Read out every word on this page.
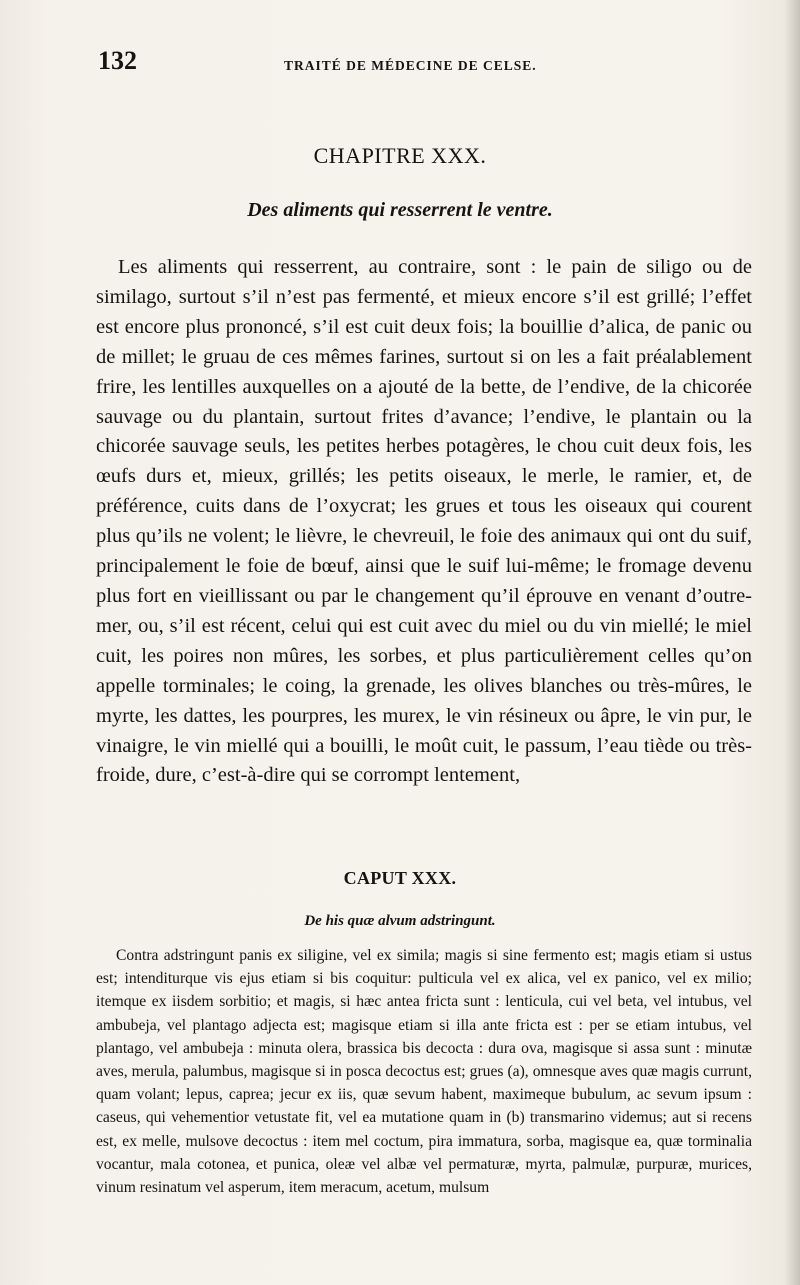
132	TRAITÉ DE MÉDECINE DE CELSE.
CHAPITRE XXX.
Des aliments qui resserrent le ventre.

Les aliments qui resserrent, au contraire, sont : le pain de siligo ou de similago, surtout s’il n’est pas fermenté, et mieux encore s’il est grillé; l’effet est encore plus prononcé, s’il est cuit deux fois; la bouillie d’alica, de panic ou de millet; le gruau de ces mêmes farines, surtout si on les a fait préalablement frire, les lentilles auxquelles on a ajouté de la bette, de l’endive, de la chicorée sauvage ou du plantain, surtout frites d’avance; l’endive, le plantain ou la chicorée sauvage seuls, les petites herbes potagères, le chou cuit deux fois, les œufs durs et, mieux, grillés; les petits oiseaux, le merle, le ramier, et, de préférence, cuits dans de l’oxycrat; les grues et tous les oiseaux qui courent plus qu’ils ne volent; le lièvre, le chevreuil, le foie des animaux qui ont du suif, principalement le foie de bœuf, ainsi que le suif lui-même; le fromage devenu plus fort en vieillissant ou par le changement qu’il éprouve en venant d’outre-mer, ou, s’il est récent, celui qui est cuit avec du miel ou du vin miellé; le miel cuit, les poires non mûres, les sorbes, et plus particulièrement celles qu’on appelle torminales; le coing, la grenade, les olives blanches ou très-mûres, le myrte, les dattes, les pourpres, les murex, le vin résineux ou âpre, le vin pur, le vinaigre, le vin miellé qui a bouilli, le moût cuit, le passum, l’eau tiède ou très-froide, dure, c’est-à-dire qui se corrompt lentement,

CAPUT XXX.
De his quæ alvum adstringunt.

Contra adstringunt panis ex siligine, vel ex simila; magis si sine fermento est; magis etiam si ustus est; intenditurque vis ejus etiam si bis coquitur: pulticula vel ex alica, vel ex panico, vel ex milio; itemque ex iisdem sorbitio; et magis, si hæc antea fricta sunt : lenticula, cui vel beta, vel intubus, vel ambubeja, vel plantago adjecta est; magisque etiam si illa ante fricta est : per se etiam intubus, vel plantago, vel ambubeja : minuta olera, brassica bis decocta : dura ova, magisque si assa sunt : minutæ aves, merula, palumbus, magisque si in posca decoctus est; grues (a), omnesque aves quæ magis currunt, quam volant; lepus, caprea; jecur ex iis, quæ sevum habent, maximeque bubulum, ac sevum ipsum : caseus, qui vehementior vetustate fit, vel ea mutatione quam in (b) transmarino videmus; aut si recens est, ex melle, mulsove decoctus : item mel coctum, pira immatura, sorba, magisque ea, quæ torminalia vocantur, mala cotonea, et punica, oleæ vel albæ vel permaturæ, myrta, palmulæ, purpuræ, murices, vinum resinatum vel asperum, item meracum, acetum, mulsum
